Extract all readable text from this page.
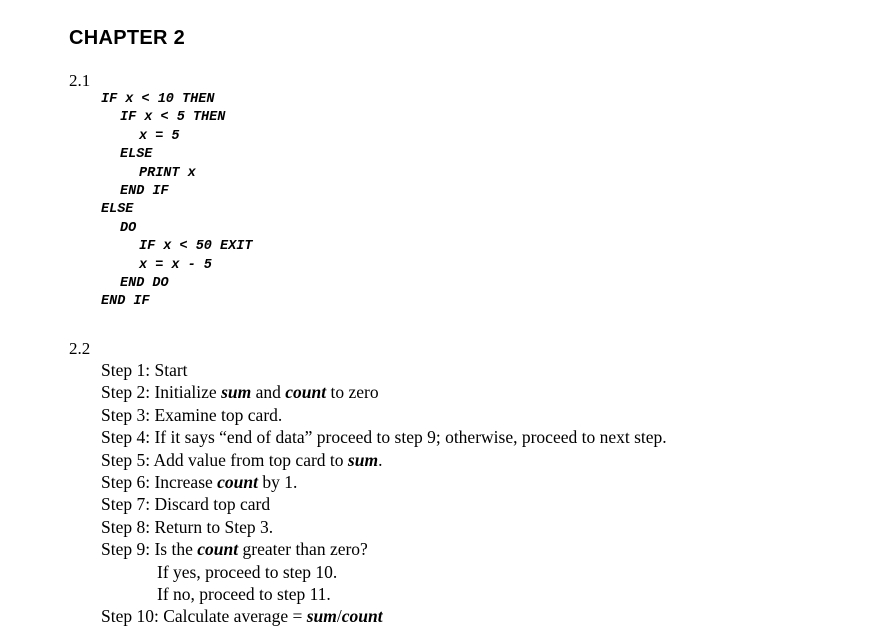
CHAPTER 2
2.1
IF x < 10 THEN
IF x < 5 THEN
x = 5
ELSE
PRINT x
END IF
ELSE
DO
IF x < 50 EXIT
x = x - 5
END DO
END IF
2.2
Step 1: Start
Step 2: Initialize sum and count to zero
Step 3: Examine top card.
Step 4: If it says “end of data” proceed to step 9; otherwise, proceed to next step.
Step 5: Add value from top card to sum.
Step 6: Increase count by 1.
Step 7: Discard top card
Step 8: Return to Step 3.
Step 9: Is the count greater than zero?
If yes, proceed to step 10.
If no, proceed to step 11.
Step 10: Calculate average = sum/count
